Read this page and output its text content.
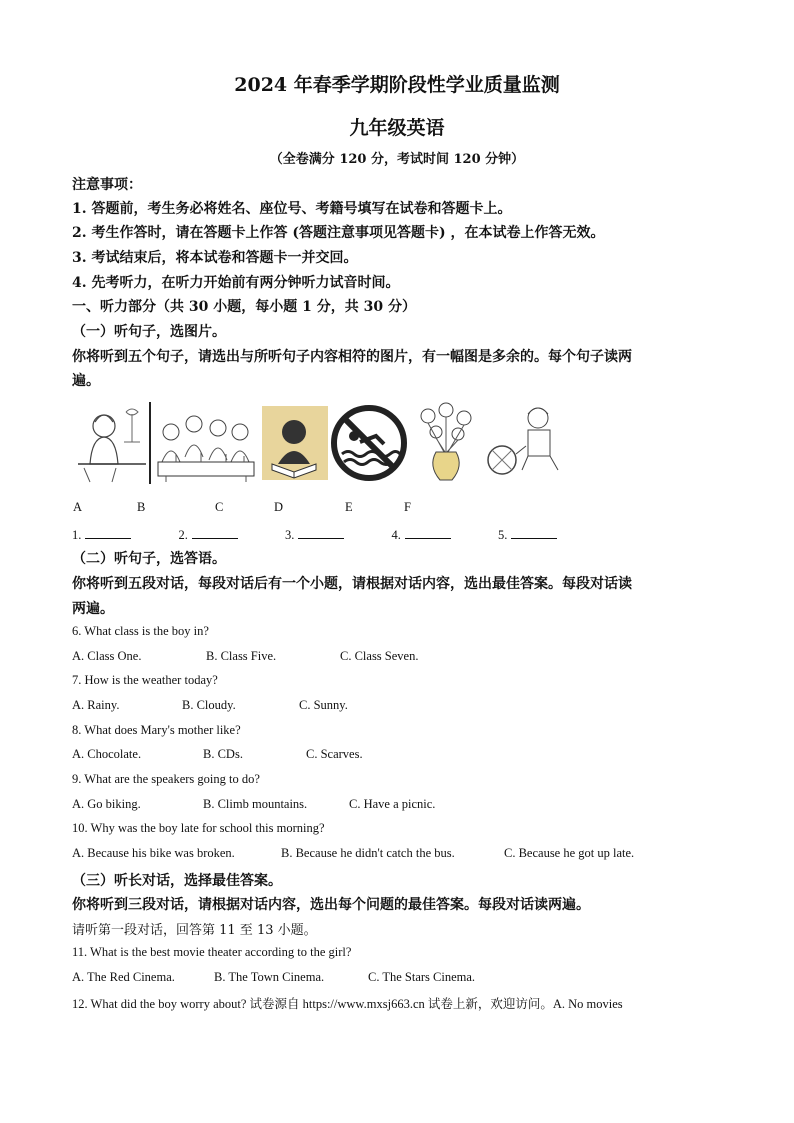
2024 年春季学期阶段性学业质量监测
九年级英语
（全卷满分 120 分，考试时间 120 分钟）
注意事项：
1. 答题前，考生务必将姓名、座位号、考籍号填写在试卷和答题卡上。
2. 考生作答时，请在答题卡上作答 (答题注意事项见答题卡) ，在本试卷上作答无效。
3. 考试结束后，将本试卷和答题卡一并交回。
4. 先考听力，在听力开始前有两分钟听力试音时间。
一、听力部分（共 30 小题，每小题 1 分，共 30 分）
（一）听句子，选图片。
你将听到五个句子，请选出与所听句子内容相符的图片，有一幅图是多余的。每个句子读两
遍。
A	B	C	D	E	F
1.	2.	3.	4.	5.
（二）听句子，选答语。
你将听到五段对话，每段对话后有一个小题，请根据对话内容，选出最佳答案。每段对话读
两遍。
6. What class is the boy in?
A. Class One.	B. Class Five.	C. Class Seven.
7. How is the weather today?
A. Rainy.	B. Cloudy.	C. Sunny.
8. What does Mary's mother like?
A. Chocolate.	B. CDs.	C. Scarves.
9. What are the speakers going to do?
A. Go biking.	B. Climb mountains.	C. Have a picnic.
10. Why was the boy late for school this morning?
A. Because his bike was broken.	B. Because he didn't catch the bus.	C. Because he got up late.
（三）听长对话，选择最佳答案。
你将听到三段对话，请根据对话内容，选出每个问题的最佳答案。每段对话读两遍。
请听第一段对话，回答第 11 至 13 小题。
11. What is the best movie theater according to the girl?
A. The Red Cinema.	B. The Town Cinema.	C. The Stars Cinema.
12. What did the boy worry about? 试卷源自 https://www.mxsj663.cn 试卷上新，欢迎访问。A. No movies
